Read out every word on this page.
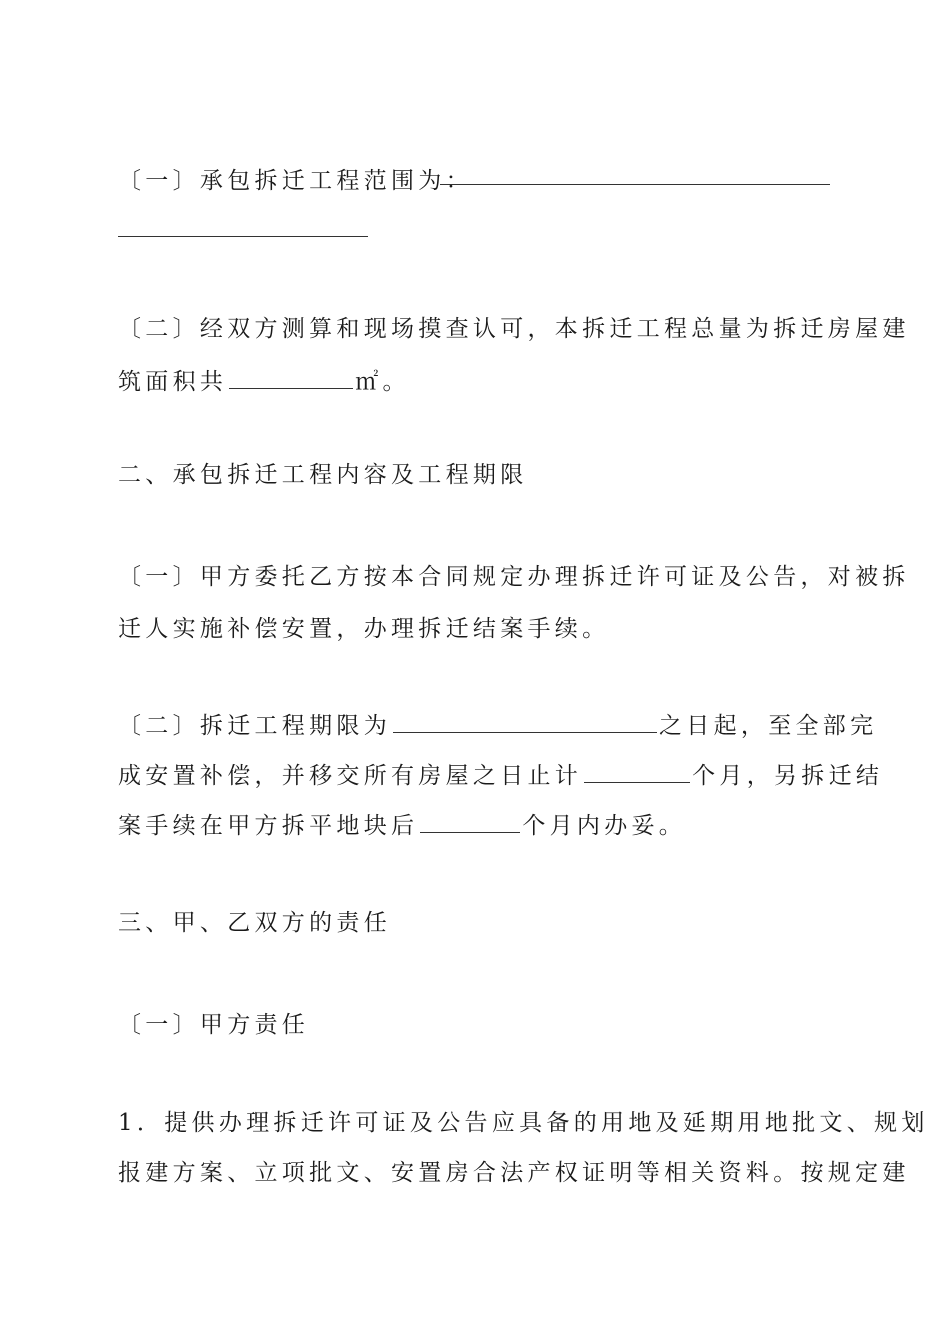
〔一〕承包拆迁工程范围为：
〔二〕经双方测算和现场摸查认可，本拆迁工程总量为拆迁房屋建
筑面积共	㎡。
二、承包拆迁工程内容及工程期限
〔一〕甲方委托乙方按本合同规定办理拆迁许可证及公告，对被拆
迁人实施补偿安置，办理拆迁结案手续。
〔二〕拆迁工程期限为	之日起，至全部完
成安置补偿，并移交所有房屋之日止计	个月，另拆迁结
案手续在甲方拆平地块后	个月内办妥。
三、甲、乙双方的责任
〔一〕甲方责任
1．提供办理拆迁许可证及公告应具备的用地及延期用地批文、规划
报建方案、立项批文、安置房合法产权证明等相关资料。按规定建
